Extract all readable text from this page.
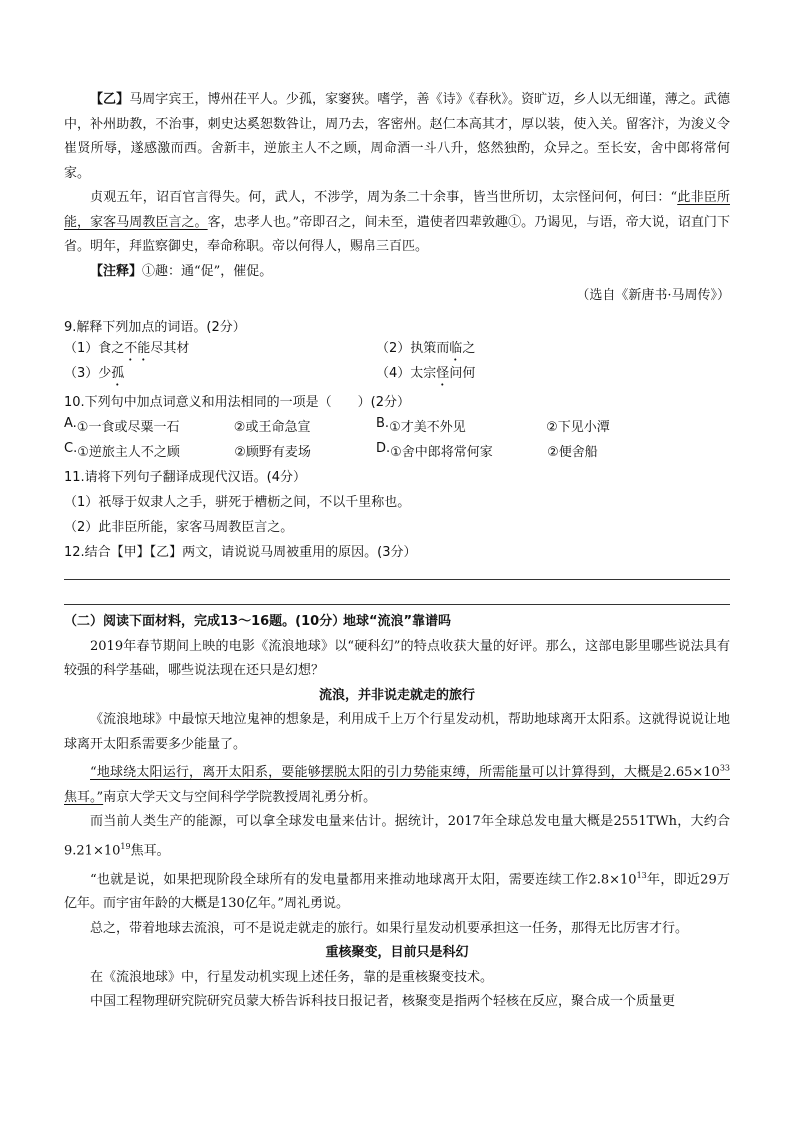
【乙】马周字宾王，博州茌平人。少孤，家窭狭。嗜学，善《诗》《春秋》。资旷迈，乡人以无细谨，薄之。武德中，补州助教，不治事，刺史达奚恕数咎让，周乃去，客密州。赵仁本高其才，厚以装，使入关。留客汴，为浚义令崔贤所辱，遂感激而西。舍新丰，逆旅主人不之顾，周命酒一斗八升，悠然独酌，众异之。至长安，舍中郎将常何家。

贞观五年，诏百官言得失。何，武人，不涉学，周为条二十余事，皆当世所切，太宗怪问何，何曰：“此非臣所能，家客马周教臣言之。客，忠孝人也。”帝即召之，间未至，遣使者四辈敦趣①。乃谒见，与语，帝大说，诏直门下省。明年，拜监察御史，奉命称职。帝以何得人，赐帛三百匹。

【注释】①趣：通“促”，催促。

（选自《新唐书·马周传》）

9.解释下列加点的词语。(2分）
（1）食之不能尽其材	（2）执策而临之
（3）少孤	（4）太宗怪问何
10.下列句中加点词意义和用法相同的一项是（　　）(2分）
A. ①一食或尽粟一石	②或王命急宣	B. ①才美不外见	②下见小潭
C. ①逆旅主人不之顾	②顾野有麦场	D. ①舍中郎将常何家	②便舍船
11.请将下列句子翻译成现代汉语。(4分）
（1）祇辱于奴隶人之手，骈死于槽枥之间，不以千里称也。
（2）此非臣所能，家客马周教臣言之。
12.结合【甲】【乙】两文，请说说马周被重用的原因。(3分）

（二）阅读下面材料，完成13～16题。(10分）

地球“流浪”靠谱吗

2019年春节期间上映的电影《流浪地球》以“硬科幻”的特点收获大量的好评。那么，这部电影里哪些说法具有较强的科学基础，哪些说法现在还只是幻想？

流浪，并非说走就走的旅行

《流浪地球》中最惊天地泣鬼神的想象是，利用成千上万个行星发动机，帮助地球离开太阳系。这就得说说让地球离开太阳系需要多少能量了。

“地球绕太阳运行，离开太阳系，要能够摆脱太阳的引力势能束缚，所需能量可以计算得到，大概是$2.65\times 10^{33}$焦耳。”南京大学天文与空间科学学院教授周礼勇分析。

而当前人类生产的能源，可以拿全球发电量来估计。据统计，2017年全球总发电量大概是2551TWh，大约合$9.21\times 10^{19}$焦耳。

“也就是说，如果把现阶段全球所有的发电量都用来推动地球离开太阳，需要连续工作$2.8\times 10^{13}$年，即近29万亿年。而宇宙年龄的大概是130亿年。”周礼勇说。

总之，带着地球去流浪，可不是说走就走的旅行。如果行星发动机要承担这一任务，那得无比厉害才行。

重核聚变，目前只是科幻

在《流浪地球》中，行星发动机实现上述任务，靠的是重核聚变技术。

中国工程物理研究院研究员蒙大桥告诉科技日报记者，核聚变是指两个轻核在反应，聚合成一个质量更
